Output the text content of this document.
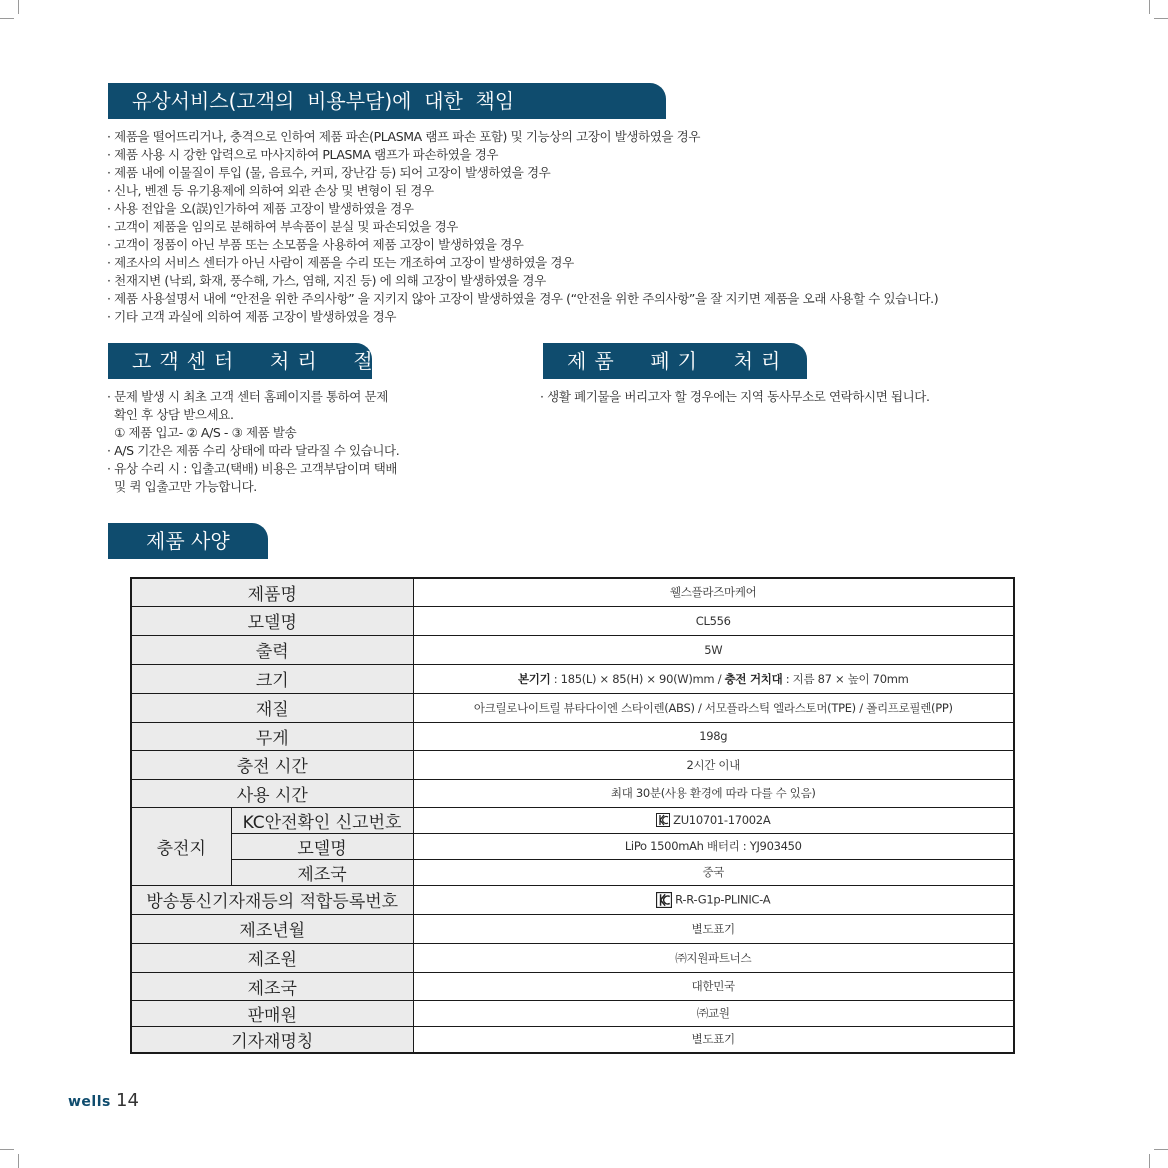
유상서비스(고객의  비용부담)에  대한  책임
· 제품을 떨어뜨리거나, 충격으로 인하여 제품 파손(PLASMA 램프 파손 포함) 및 기능상의 고장이 발생하였을 경우
· 제품 사용 시 강한 압력으로 마사지하여 PLASMA 램프가 파손하였을 경우
· 제품 내에 이물질이 투입 (물, 음료수, 커피, 장난감 등) 되어 고장이 발생하였을 경우
· 신나, 벤젠 등 유기용제에 의하여 외관 손상 및 변형이 된 경우
· 사용 전압을 오(誤)인가하여 제품 고장이 발생하였을 경우
· 고객이 제품을 임의로 분해하여 부속품이 분실 및 파손되었을 경우
· 고객이 정품이 아닌 부품 또는 소모품을 사용하여 제품 고장이 발생하였을 경우
· 제조사의 서비스 센터가 아닌 사람이 제품을 수리 또는 개조하여 고장이 발생하였을 경우
· 천재지변 (낙뢰, 화재, 풍수해, 가스, 염해, 지진 등) 에 의해 고장이 발생하였을 경우
· 제품 사용설명서 내에 “안전을 위한 주의사항” 을 지키지 않아 고장이 발생하였을 경우 (“안전을 위한 주의사항”을 잘 지키면 제품을 오래 사용할 수 있습니다.)
· 기타 고객 과실에 의하여 제품 고장이 발생하였을 경우
고객센터  처리  절차
· 문제 발생 시 최초 고객 센터 홈페이지를 통하여 문제
확인 후 상담 받으세요.
① 제품 입고- ② A/S - ③ 제품 발송
· A/S 기간은 제품 수리 상태에 따라 달라질 수 있습니다.
· 유상 수리 시 : 입출고(택배) 비용은 고객부담이며 택배
및 퀵 입출고만 가능합니다.
제품  폐기  처리  절차
· 생활 폐기물을 버리고자 할 경우에는 지역 동사무소로 연락하시면 됩니다.
제품 사양
제품명		웰스플라즈마케어
모델명		CL556
출력		5W
크기		본기기 : 185(L) × 85(H) × 90(W)mm / 충전 거치대 : 지름 87 × 높이 70mm
재질		아크릴로나이트릴 뷰타다이엔 스타이렌(ABS) / 서모플라스틱 엘라스토머(TPE) / 폴리프로필렌(PP)
무게		198g
충전 시간		2시간 이내
사용 시간		최대 30분(사용 환경에 따라 다를 수 있음)
충전지	KC안전확인 신고번호	ZU10701-17002A
	모델명	LiPo 1500mAh 배터리 : YJ903450
	제조국	중국
방송통신기자재등의 적합등록번호		R-R-G1p-PLINIC-A
제조년월		별도표기
제조원		㈜지원파트너스
제조국		대한민국
판매원		㈜교원
기자재명칭		별도표기
wells 14
